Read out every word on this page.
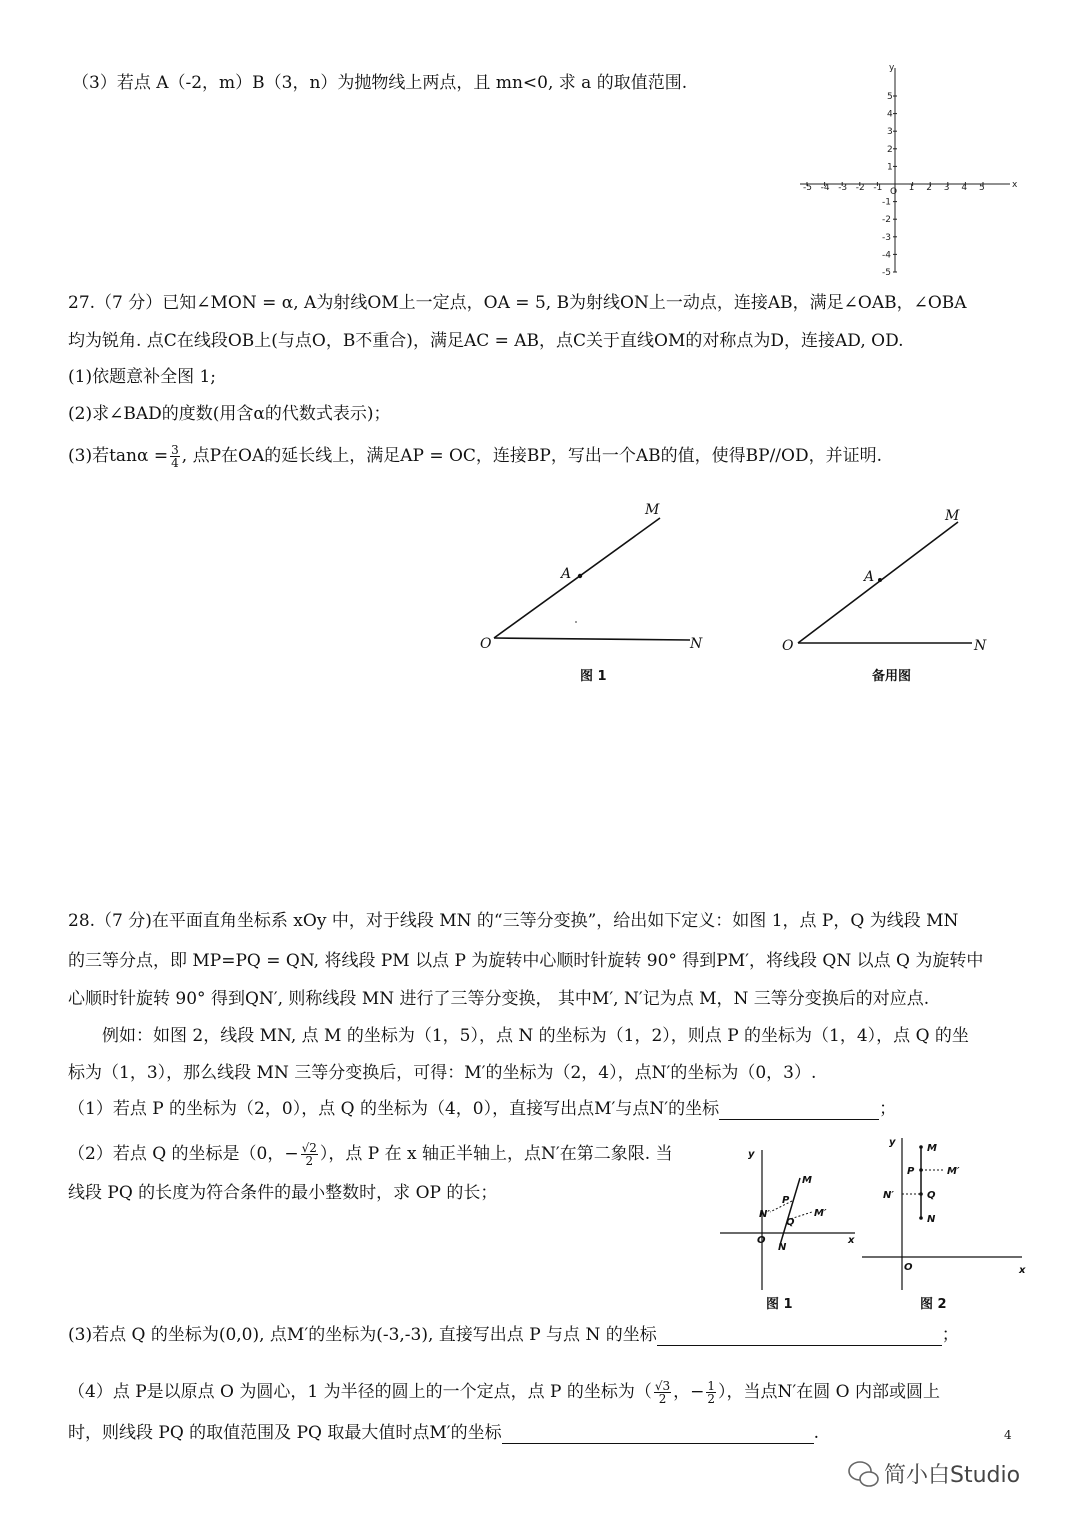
（3）若点 A（-2，m）B（3，n）为抛物线上两点，且 mn<0, 求 a 的取值范围.
27.（7 分）已知∠MON = α, A为射线OM上一定点，OA = 5, B为射线ON上一动点，连接AB，满足∠OAB，∠OBA
均为锐角. 点C在线段OB上(与点O，B不重合)，满足AC = AB，点C关于直线OM的对称点为D，连接AD, OD.
(1)依题意补全图 1;
(2)求∠BAD的度数(用含α的代数式表示)；
(3)若$\tan\alpha = \frac{3}{4}$ , 点P在OA的延长线上，满足AP = OC，连接BP，写出一个AB的值，使得BP//OD，并证明.
28.（7 分)在平面直角坐标系 xOy 中，对于线段 MN 的“三等分变换”，给出如下定义：如图 1，点 P，Q 为线段 MN
的三等分点，即 MP=PQ = QN, 将线段 PM 以点 P 为旋转中心顺时针旋转 90° 得到PM′，将线段 QN 以点 Q 为旋转中
心顺时针旋转 90° 得到QN′, 则称线段 MN 进行了三等分变换， 其中M′, N′记为点 M，N 三等分变换后的对应点.
例如：如图 2，线段 MN, 点 M 的坐标为（1，5），点 N 的坐标为（1，2），则点 P 的坐标为（1，4），点 Q 的坐
标为（1，3），那么线段 MN 三等分变换后，可得：M′的坐标为（2，4），点N′的坐标为（0，3）.
（1）若点 P 的坐标为（2，0），点 Q 的坐标为（4，0），直接写出点M′与点N′的坐标	；
（2）若点 Q 的坐标是（0，− $\frac{√2}{2}$ ），点 P 在 x 轴正半轴上，点N′在第二象限. 当
线段 PQ 的长度为符合条件的最小整数时，求 OP 的长；
(3)若点 Q 的坐标为(0,0), 点M′的坐标为(-3,-3), 直接写出点 P 与点 N 的坐标	；
（4）点 P是以原点 O 为圆心，1 为半径的圆上的一个定点，点 P 的坐标为（ $\frac{√3}{2}$ ，− $\frac{1}{2}$ ），当点N′在圆 O 内部或圆上
时，则线段 PQ 的取值范围及 PQ 取最大值时点M′的坐标	.
x
y
O
-5 -4 -3 -2 -1	1 2 3 4 5
5
4
3
2
1
-1
-2
-3
-4
-5
M
A
O	N
图 1
M
A
O	N
备用图
M
P
Q
N′	M′
N
O	x
y
图 1
M
P	M′
N′	Q
N
O	x
y
图 2
4
简小白Studio
